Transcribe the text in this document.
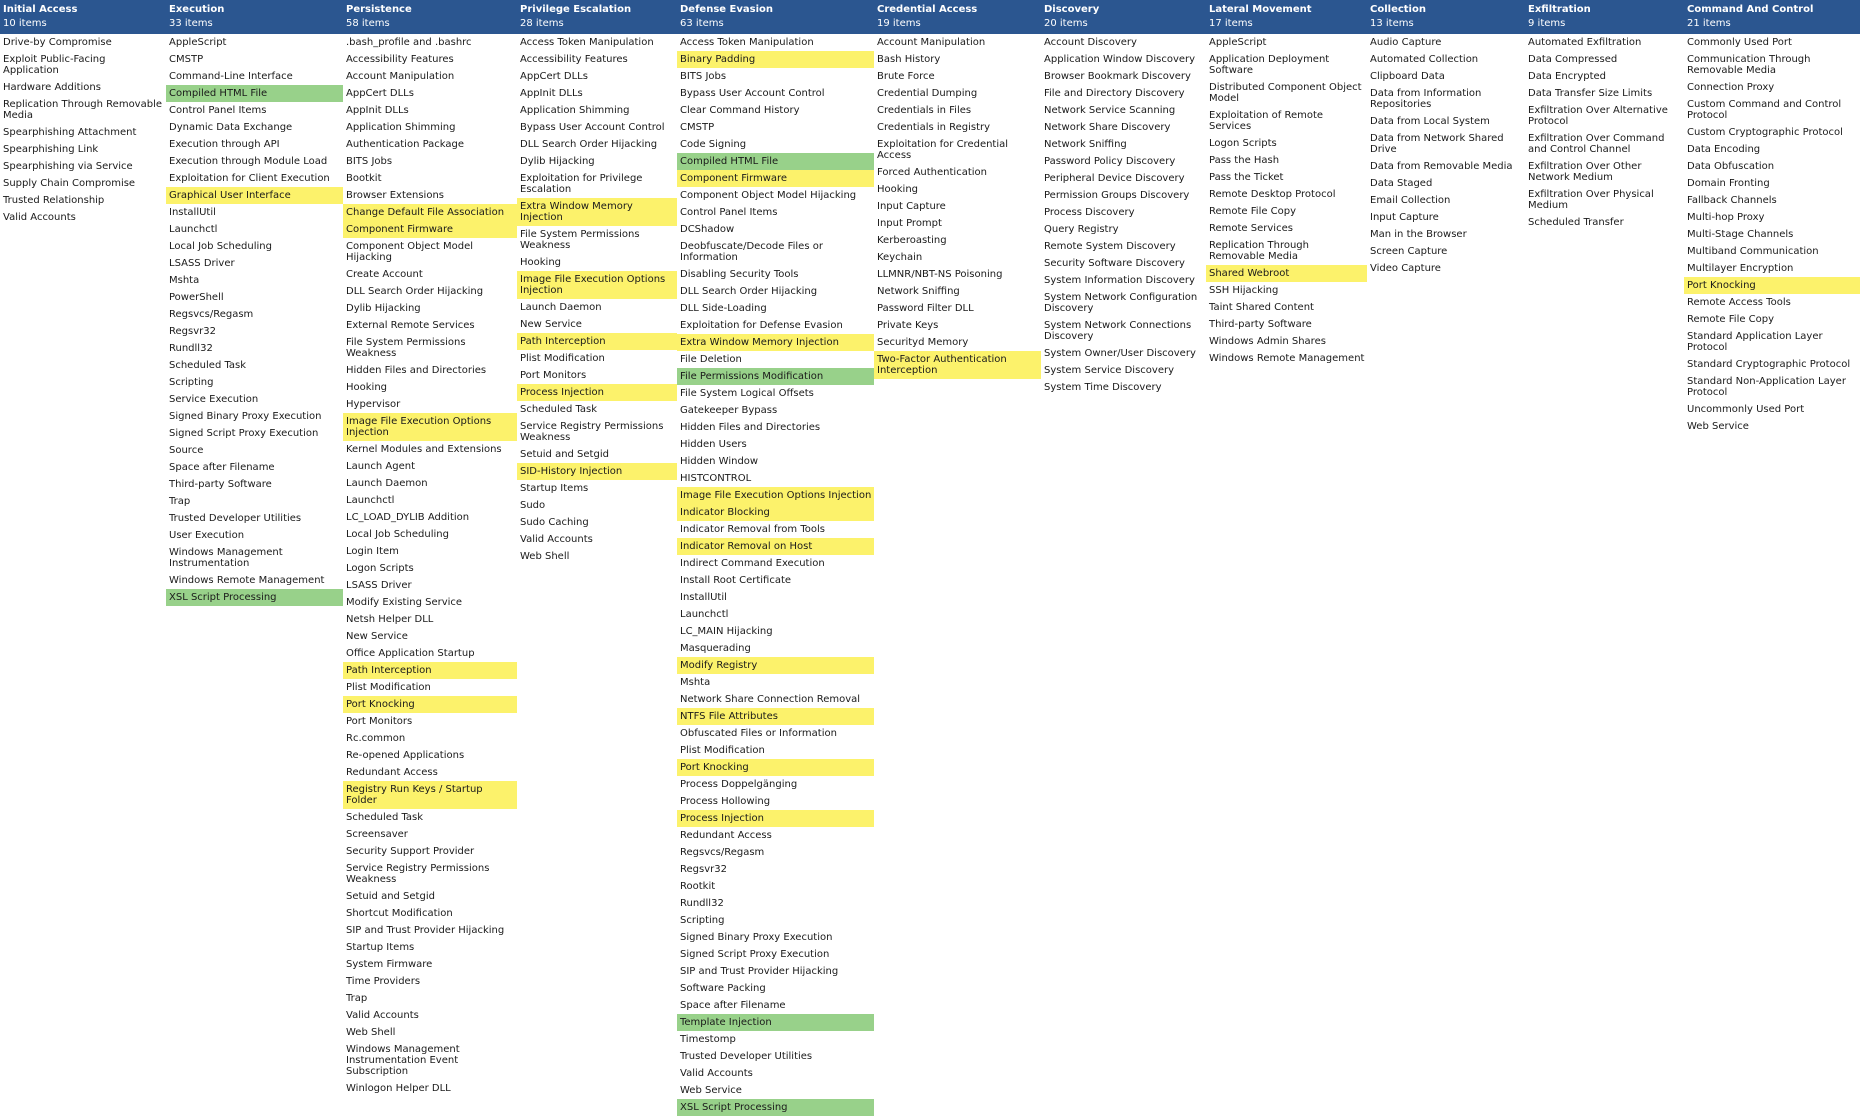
Initial Access
10 items
Drive-by Compromise
Exploit Public-Facing Application
Hardware Additions
Replication Through Removable Media
Spearphishing Attachment
Spearphishing Link
Spearphishing via Service
Supply Chain Compromise
Trusted Relationship
Valid Accounts
Execution
33 items
AppleScript
CMSTP
Command-Line Interface
Compiled HTML File
Control Panel Items
Dynamic Data Exchange
Execution through API
Execution through Module Load
Exploitation for Client Execution
Graphical User Interface
InstallUtil
Launchctl
Local Job Scheduling
LSASS Driver
Mshta
PowerShell
Regsvcs/Regasm
Regsvr32
Rundll32
Scheduled Task
Scripting
Service Execution
Signed Binary Proxy Execution
Signed Script Proxy Execution
Source
Space after Filename
Third-party Software
Trap
Trusted Developer Utilities
User Execution
Windows Management Instrumentation
Windows Remote Management
XSL Script Processing
Persistence
58 items
.bash_profile and .bashrc
Accessibility Features
Account Manipulation
AppCert DLLs
AppInit DLLs
Application Shimming
Authentication Package
BITS Jobs
Bootkit
Browser Extensions
Change Default File Association
Component Firmware
Component Object Model Hijacking
Create Account
DLL Search Order Hijacking
Dylib Hijacking
External Remote Services
File System Permissions Weakness
Hidden Files and Directories
Hooking
Hypervisor
Image File Execution Options Injection
Kernel Modules and Extensions
Launch Agent
Launch Daemon
Launchctl
LC_LOAD_DYLIB Addition
Local Job Scheduling
Login Item
Logon Scripts
LSASS Driver
Modify Existing Service
Netsh Helper DLL
New Service
Office Application Startup
Path Interception
Plist Modification
Port Knocking
Port Monitors
Rc.common
Re-opened Applications
Redundant Access
Registry Run Keys / Startup Folder
Scheduled Task
Screensaver
Security Support Provider
Service Registry Permissions Weakness
Setuid and Setgid
Shortcut Modification
SIP and Trust Provider Hijacking
Startup Items
System Firmware
Time Providers
Trap
Valid Accounts
Web Shell
Windows Management Instrumentation Event Subscription
Winlogon Helper DLL
Privilege Escalation
28 items
Access Token Manipulation
Accessibility Features
AppCert DLLs
AppInit DLLs
Application Shimming
Bypass User Account Control
DLL Search Order Hijacking
Dylib Hijacking
Exploitation for Privilege Escalation
Extra Window Memory Injection
File System Permissions Weakness
Hooking
Image File Execution Options Injection
Launch Daemon
New Service
Path Interception
Plist Modification
Port Monitors
Process Injection
Scheduled Task
Service Registry Permissions Weakness
Setuid and Setgid
SID-History Injection
Startup Items
Sudo
Sudo Caching
Valid Accounts
Web Shell
Defense Evasion
63 items
Access Token Manipulation
Binary Padding
BITS Jobs
Bypass User Account Control
Clear Command History
CMSTP
Code Signing
Compiled HTML File
Component Firmware
Component Object Model Hijacking
Control Panel Items
DCShadow
Deobfuscate/Decode Files or Information
Disabling Security Tools
DLL Search Order Hijacking
DLL Side-Loading
Exploitation for Defense Evasion
Extra Window Memory Injection
File Deletion
File Permissions Modification
File System Logical Offsets
Gatekeeper Bypass
Hidden Files and Directories
Hidden Users
Hidden Window
HISTCONTROL
Image File Execution Options Injection
Indicator Blocking
Indicator Removal from Tools
Indicator Removal on Host
Indirect Command Execution
Install Root Certificate
InstallUtil
Launchctl
LC_MAIN Hijacking
Masquerading
Modify Registry
Mshta
Network Share Connection Removal
NTFS File Attributes
Obfuscated Files or Information
Plist Modification
Port Knocking
Process Doppelgänging
Process Hollowing
Process Injection
Redundant Access
Regsvcs/Regasm
Regsvr32
Rootkit
Rundll32
Scripting
Signed Binary Proxy Execution
Signed Script Proxy Execution
SIP and Trust Provider Hijacking
Software Packing
Space after Filename
Template Injection
Timestomp
Trusted Developer Utilities
Valid Accounts
Web Service
XSL Script Processing
Credential Access
19 items
Account Manipulation
Bash History
Brute Force
Credential Dumping
Credentials in Files
Credentials in Registry
Exploitation for Credential Access
Forced Authentication
Hooking
Input Capture
Input Prompt
Kerberoasting
Keychain
LLMNR/NBT-NS Poisoning
Network Sniffing
Password Filter DLL
Private Keys
Securityd Memory
Two-Factor Authentication Interception
Discovery
20 items
Account Discovery
Application Window Discovery
Browser Bookmark Discovery
File and Directory Discovery
Network Service Scanning
Network Share Discovery
Network Sniffing
Password Policy Discovery
Peripheral Device Discovery
Permission Groups Discovery
Process Discovery
Query Registry
Remote System Discovery
Security Software Discovery
System Information Discovery
System Network Configuration Discovery
System Network Connections Discovery
System Owner/User Discovery
System Service Discovery
System Time Discovery
Lateral Movement
17 items
AppleScript
Application Deployment Software
Distributed Component Object Model
Exploitation of Remote Services
Logon Scripts
Pass the Hash
Pass the Ticket
Remote Desktop Protocol
Remote File Copy
Remote Services
Replication Through Removable Media
Shared Webroot
SSH Hijacking
Taint Shared Content
Third-party Software
Windows Admin Shares
Windows Remote Management
Collection
13 items
Audio Capture
Automated Collection
Clipboard Data
Data from Information Repositories
Data from Local System
Data from Network Shared Drive
Data from Removable Media
Data Staged
Email Collection
Input Capture
Man in the Browser
Screen Capture
Video Capture
Exfiltration
9 items
Automated Exfiltration
Data Compressed
Data Encrypted
Data Transfer Size Limits
Exfiltration Over Alternative Protocol
Exfiltration Over Command and Control Channel
Exfiltration Over Other Network Medium
Exfiltration Over Physical Medium
Scheduled Transfer
Command And Control
21 items
Commonly Used Port
Communication Through Removable Media
Connection Proxy
Custom Command and Control Protocol
Custom Cryptographic Protocol
Data Encoding
Data Obfuscation
Domain Fronting
Fallback Channels
Multi-hop Proxy
Multi-Stage Channels
Multiband Communication
Multilayer Encryption
Port Knocking
Remote Access Tools
Remote File Copy
Standard Application Layer Protocol
Standard Cryptographic Protocol
Standard Non-Application Layer Protocol
Uncommonly Used Port
Web Service
